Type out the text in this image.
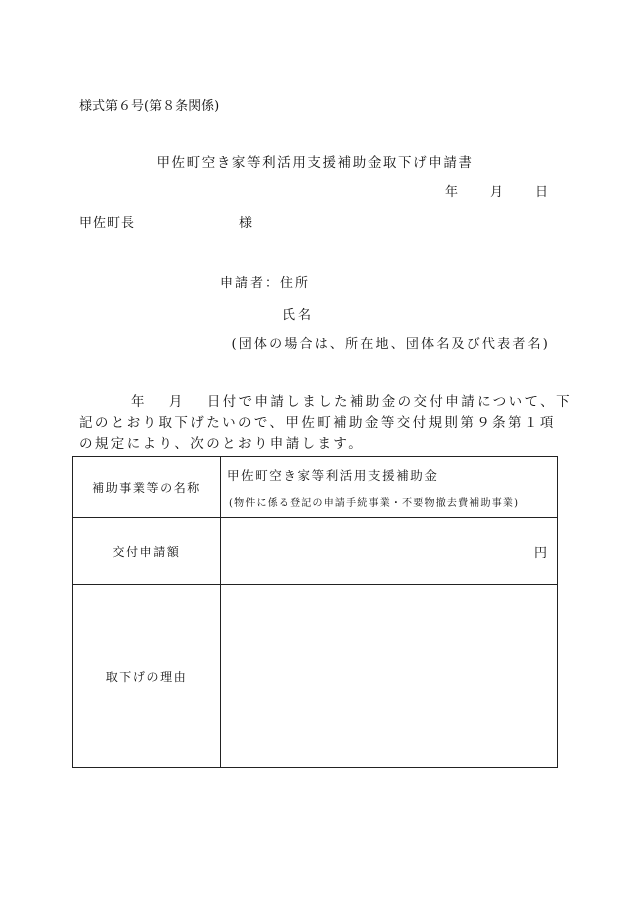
様式第６号(第８条関係)
甲佐町空き家等利活用支援補助金取下げ申請書
年 月 日
甲佐町長	様
申請者：住所
氏名
(団体の場合は、所在地、団体名及び代表者名)
年 月 日付で申請しました補助金の交付申請について、下
記のとおり取下げたいので、甲佐町補助金等交付規則第９条第１項
の規定により、次のとおり申請します。
補助事業等の名称	甲佐町空き家等利活用支援補助金
(物件に係る登記の申請手続事業・不要物撤去費補助事業)

交付申請額	円
取下げの理由	
